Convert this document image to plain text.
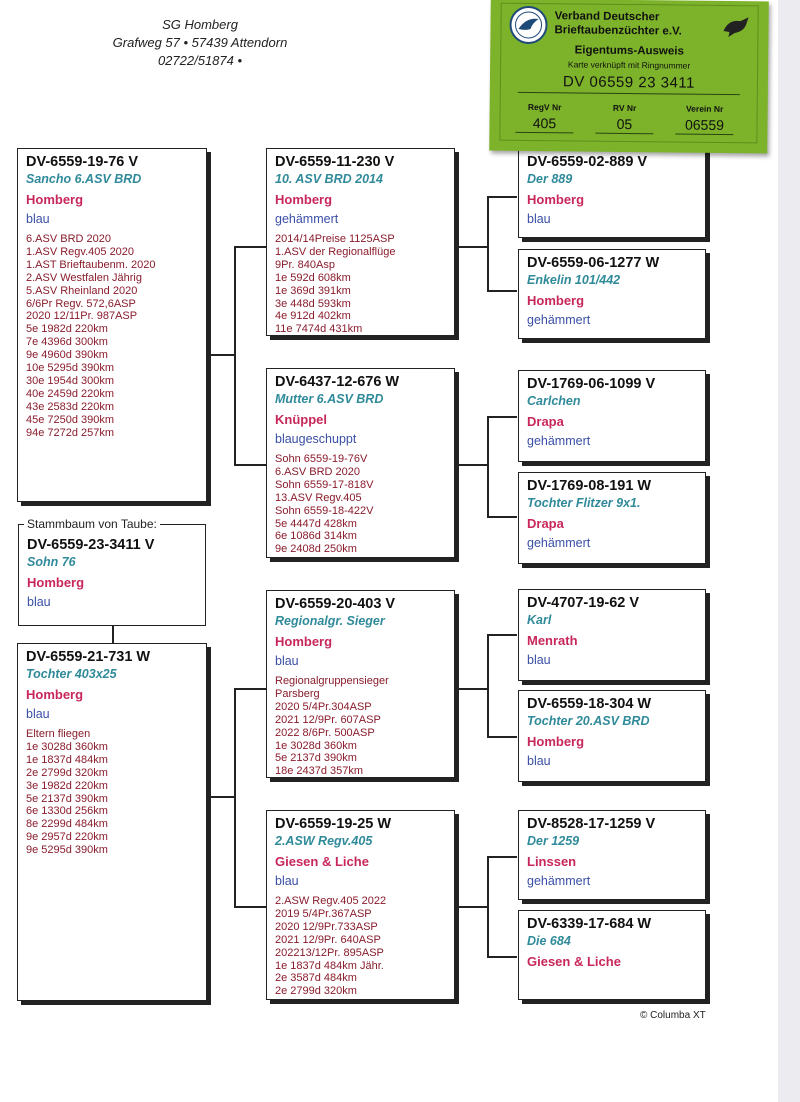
SG Homberg
Grafweg 57 • 57439 Attendorn
02722/51874 •
DV-6559-23-3411 V
Sohn 76
Homberg
blau
Stammbaum von Taube:
DV-6559-19-76 V
Sancho 6.ASV BRD
Homberg
blau
6.ASV BRD 2020
1.ASV Regv.405 2020
1.AST Brieftaubenm. 2020
2.ASV Westfalen Jährig
5.ASV Rheinland 2020
6/6Pr Regv. 572,6ASP
2020 12/11Pr. 987ASP
5e 1982d 220km
7e 4396d 300km
9e 4960d 390km
10e 5295d 390km
30e 1954d 300km
40e 2459d 220km
43e 2583d 220km
45e 7250d 390km
94e 7272d 257km
DV-6559-21-731 W
Tochter 403x25
Homberg
blau
Eltern fliegen
1e 3028d 360km
1e 1837d 484km
2e 2799d 320km
3e 1982d 220km
5e 2137d 390km
6e 1330d 256km
8e 2299d 484km
9e 2957d 220km
9e 5295d 390km
DV-6559-11-230 V
10. ASV BRD 2014
Homberg
gehämmert
2014/14Preise 1125ASP
1.ASV der Regionalflüge
9Pr. 840Asp
1e 592d 608km
1e 369d 391km
3e 448d 593km
4e 912d 402km
11e 7474d 431km
DV-6437-12-676 W
Mutter 6.ASV BRD
Knüppel
blaugeschuppt
Sohn 6559-19-76V
6.ASV BRD 2020
Sohn 6559-17-818V
13.ASV Regv.405
Sohn 6559-18-422V
5e 4447d 428km
6e 1086d 314km
9e 2408d 250km
DV-6559-20-403 V
Regionalgr. Sieger
Homberg
blau
Regionalgruppensieger
Parsberg
2020 5/4Pr.304ASP
2021 12/9Pr. 607ASP
2022 8/6Pr. 500ASP
1e 3028d 360km
5e 2137d 390km
18e 2437d 357km
DV-6559-19-25 W
2.ASW Regv.405
Giesen & Liche
blau
2.ASW Regv.405 2022
2019 5/4Pr.367ASP
2020 12/9Pr.733ASP
2021 12/9Pr. 640ASP
202213/12Pr. 895ASP
1e 1837d 484km Jähr.
2e 3587d 484km
2e 2799d 320km
DV-6559-02-889 V
Der 889
Homberg
blau
DV-6559-06-1277 W
Enkelin 101/442
Homberg
gehämmert
DV-1769-06-1099 V
Carlchen
Drapa
gehämmert
DV-1769-08-191 W
Tochter Flitzer 9x1.
Drapa
gehämmert
DV-4707-19-62 V
Karl
Menrath
blau
DV-6559-18-304 W
Tochter 20.ASV BRD
Homberg
blau
DV-8528-17-1259 V
Der 1259
Linssen
gehämmert
DV-6339-17-684 W
Die 684
Giesen & Liche
© Columba XT
Verband Deutscher Brieftaubenzüchter e.V.
Eigentums-Ausweis
Karte verknüpft mit Ringnummer
DV 06559 23 3411
RegV Nr
405
RV Nr
05
Verein Nr
06559
